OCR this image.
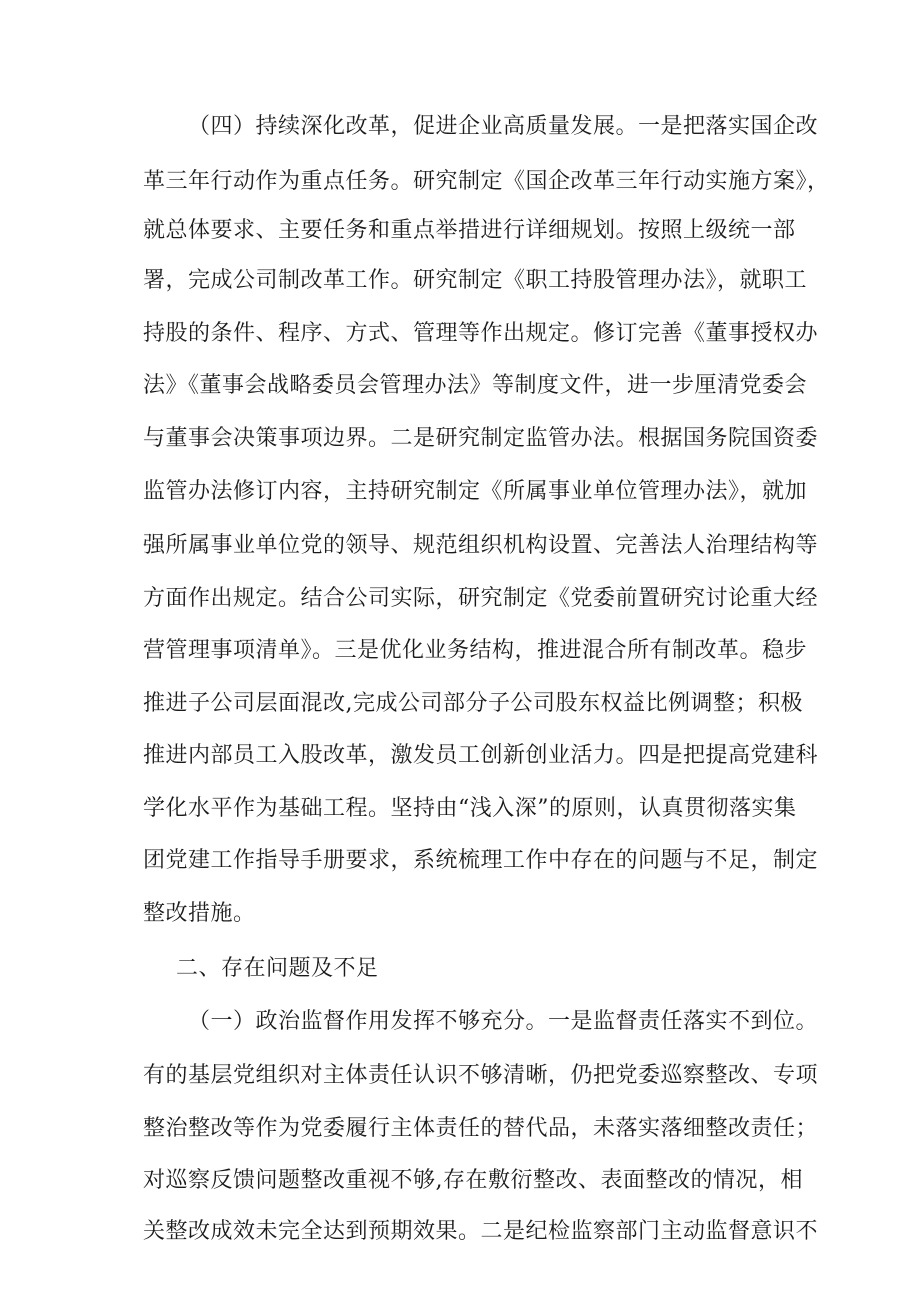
（四）持续深化改革，促进企业高质量发展。一是把落实国企改

革三年行动作为重点任务。研究制定《国企改革三年行动实施方案》，

就总体要求、主要任务和重点举措进行详细规划。按照上级统一部

署，完成公司制改革工作。研究制定《职工持股管理办法》，就职工

持股的条件、程序、方式、管理等作出规定。修订完善《董事授权办

法》《董事会战略委员会管理办法》等制度文件，进一步厘清党委会

与董事会决策事项边界。二是研究制定监管办法。根据国务院国资委

监管办法修订内容，主持研究制定《所属事业单位管理办法》，就加

强所属事业单位党的领导、规范组织机构设置、完善法人治理结构等

方面作出规定。结合公司实际，研究制定《党委前置研究讨论重大经

营管理事项清单》。三是优化业务结构，推进混合所有制改革。稳步

推进子公司层面混改,完成公司部分子公司股东权益比例调整；积极

推进内部员工入股改革，激发员工创新创业活力。四是把提高党建科

学化水平作为基础工程。坚持由“浅入深”的原则，认真贯彻落实集

团党建工作指导手册要求，系统梳理工作中存在的问题与不足，制定

整改措施。

二、存在问题及不足

（一）政治监督作用发挥不够充分。一是监督责任落实不到位。

有的基层党组织对主体责任认识不够清晰，仍把党委巡察整改、专项

整治整改等作为党委履行主体责任的替代品，未落实落细整改责任；

对巡察反馈问题整改重视不够,存在敷衍整改、表面整改的情况，相

关整改成效未完全达到预期效果。二是纪检监察部门主动监督意识不
